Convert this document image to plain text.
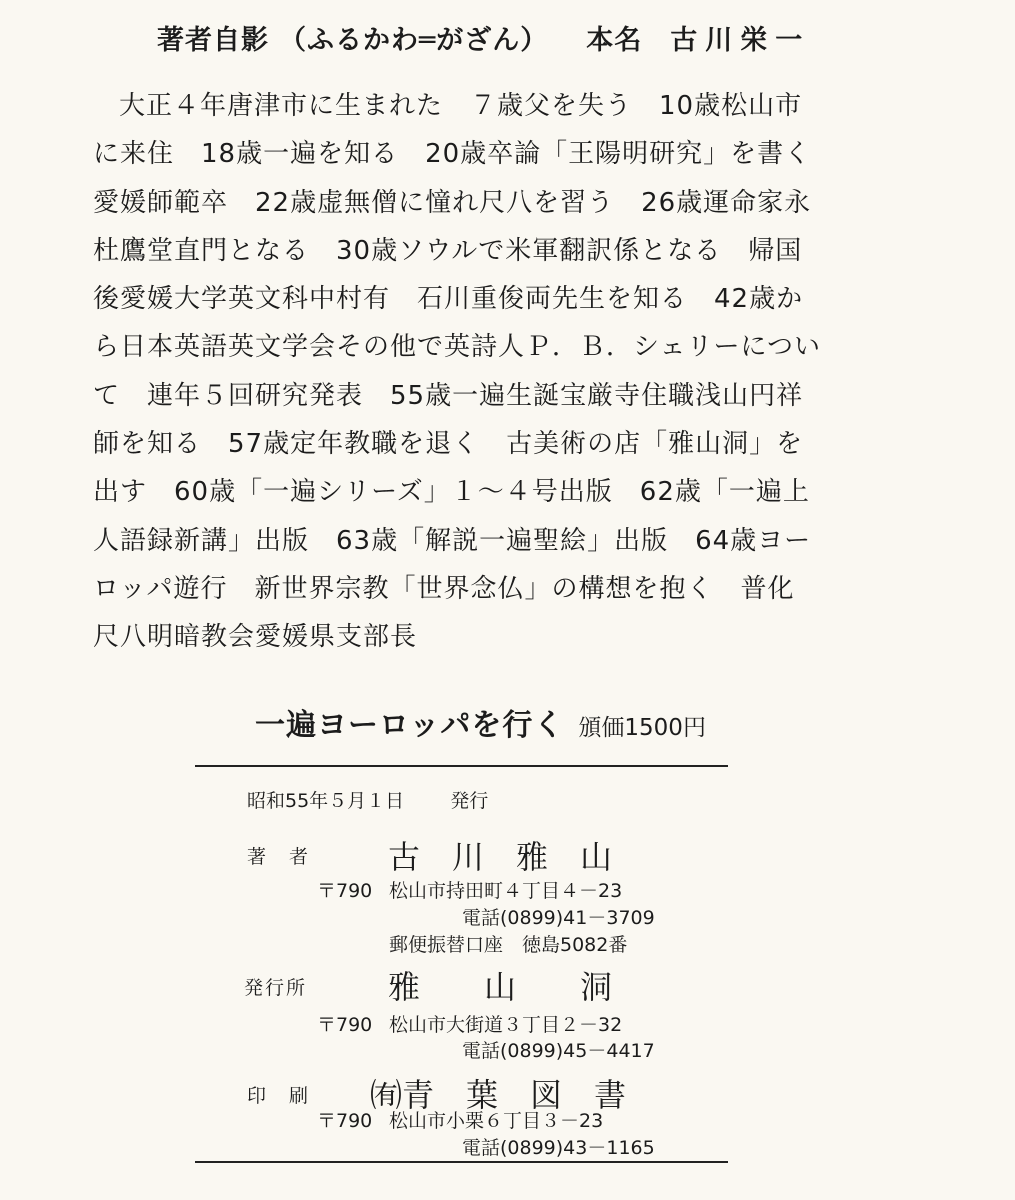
著者自影 （ふるかわ═がざん） 本名 古川栄一
大正４年唐津市に生まれた　７歳父を失う　10歳松山市
に来住　18歳一遍を知る　20歳卒論「王陽明研究」を書く
愛媛師範卒　22歳虚無僧に憧れ尺八を習う　26歳運命家永
杜鷹堂直門となる　30歳ソウルで米軍翻訳係となる　帰国
後愛媛大学英文科中村有　石川重俊両先生を知る　42歳か
ら日本英語英文学会その他で英詩人Ｐ．Ｂ．シェリーについ
て　連年５回研究発表　55歳一遍生誕宝厳寺住職浅山円祥
師を知る　57歳定年教職を退く　古美術の店「雅山洞」を
出す　60歳「一遍シリーズ」１～４号出版　62歳「一遍上
人語録新講」出版　63歳「解説一遍聖絵」出版　64歳ヨー
ロッパ遊行　新世界宗教「世界念仏」の構想を抱く　普化
尺八明暗教会愛媛県支部長
一遍ヨーロッパを行く 頒価1500円
昭和55年５月１日 発行
著　者 古　川　雅　山
〒790 松山市持田町４丁目４－23
電話(0899)41－3709
郵便振替口座　徳島5082番
発行所	雅　　山　　洞
〒790 松山市大街道３丁目２－32
電話(0899)45－4417
印　刷 ㈲青　葉　図　書
〒790 松山市小栗６丁目３－23
電話(0899)43－1165
